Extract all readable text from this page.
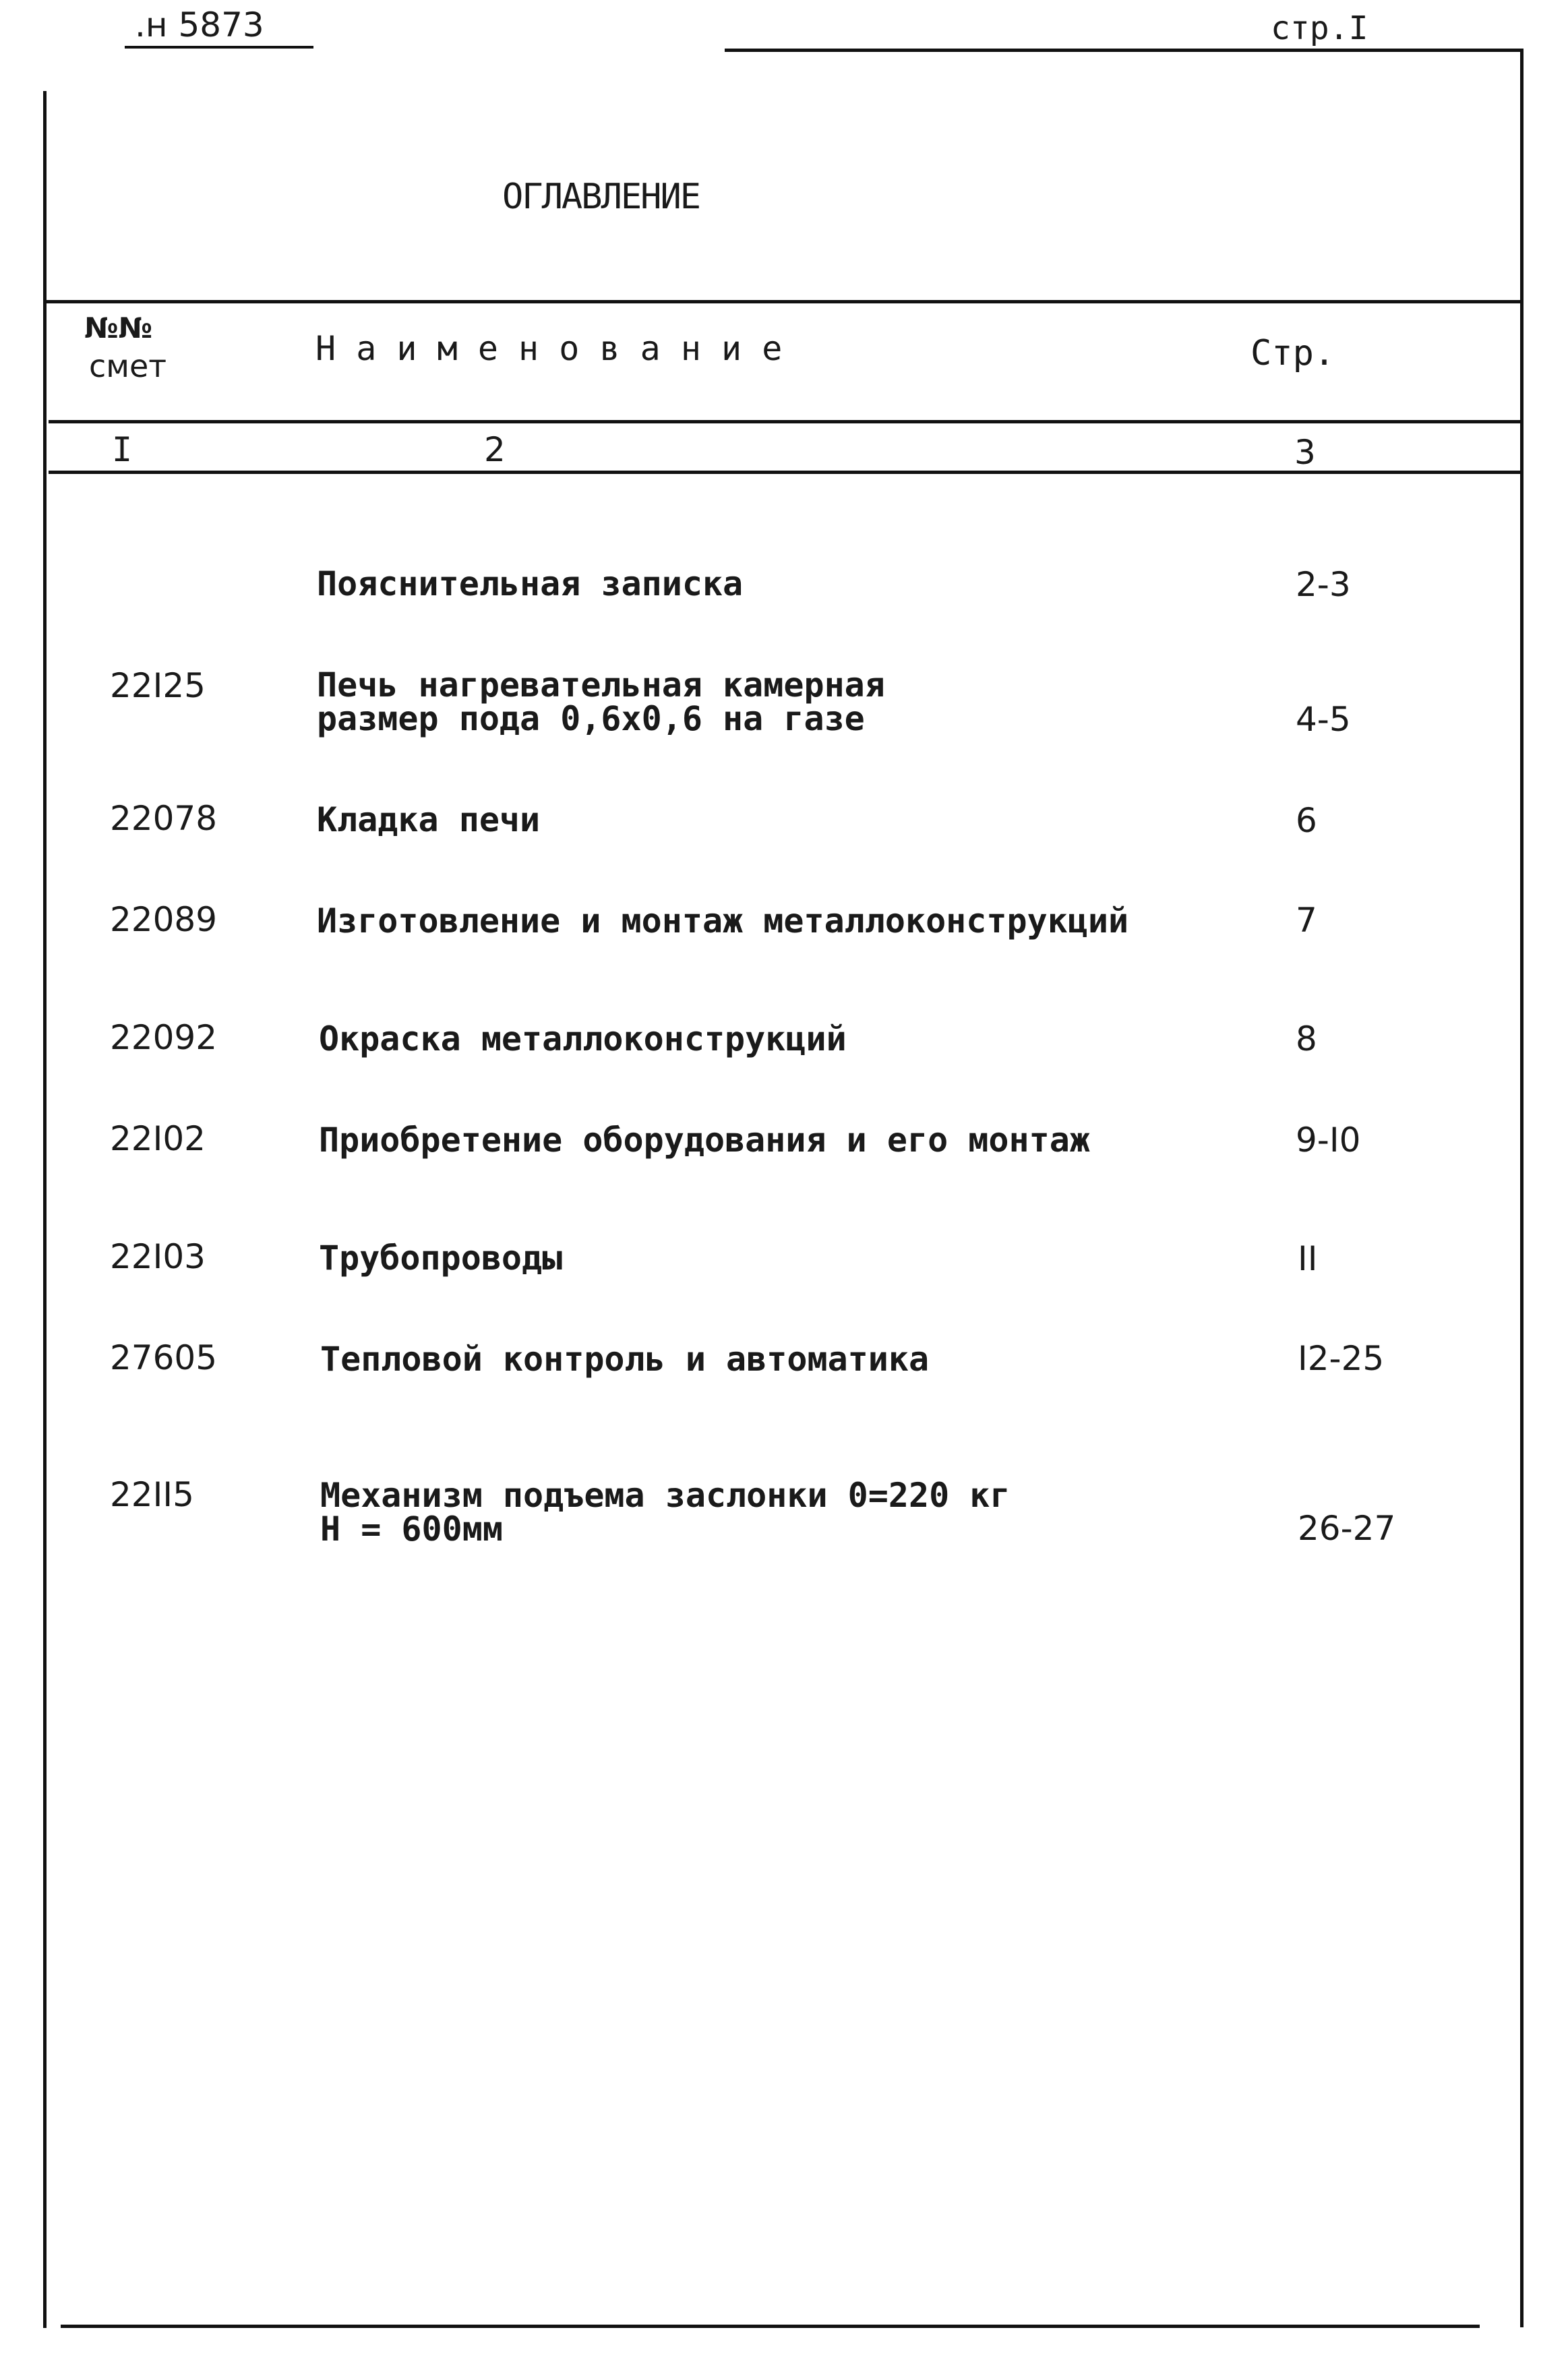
.н 5873	стр.I
ОГЛАВЛЕНИЕ
№№
смет	Н а и м е н о в а н и е	Стр.
I	2	3
Пояснительная записка	2-3
22I25	Печь нагревательная камерная
размер пода 0,6х0,6 на газе	4-5
22078	Кладка печи	6
22089	Изготовление и монтаж металлоконструкций	7
22092	Окраска металлоконструкций	8
22I02	Приобретение оборудования и его монтаж	9-I0
22I03	Трубопроводы	II
27605	Тепловой контроль и автоматика	I2-25
22II5	Механизм подъема заслонки 0=220 кг
Н = 600мм	26-27
